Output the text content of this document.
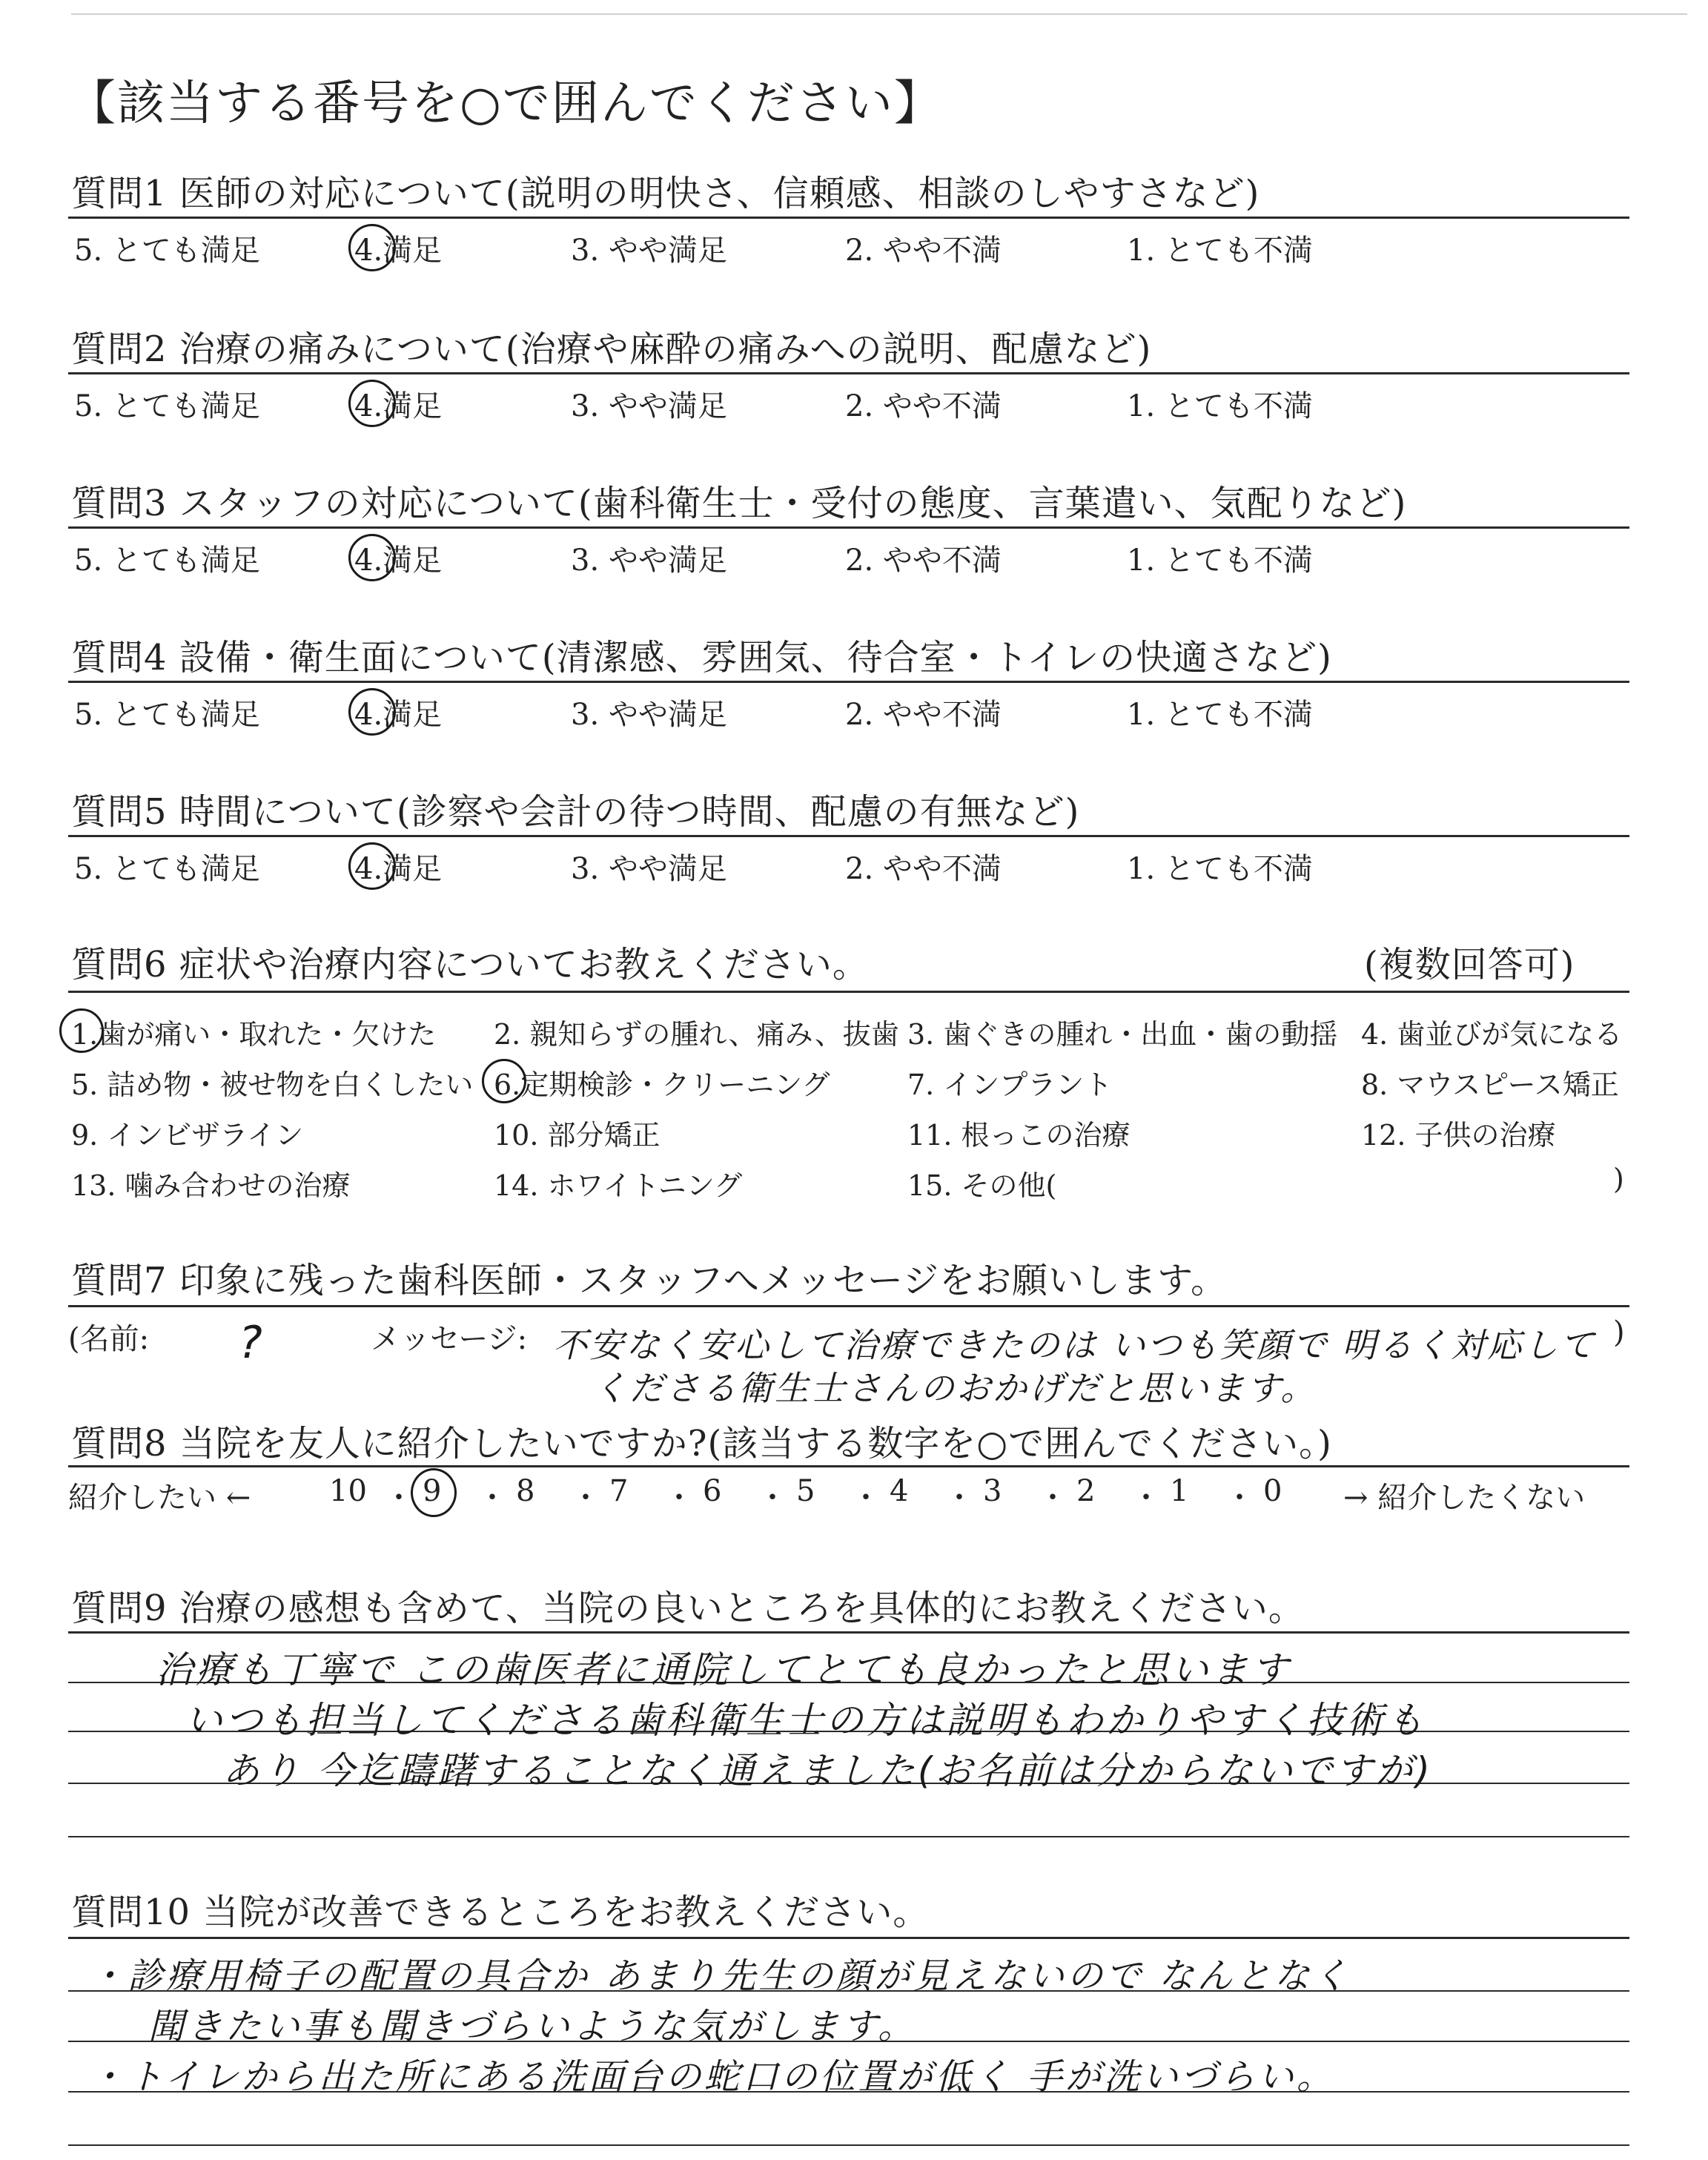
【該当する番号を○で囲んでください】
質問1 医師の対応について(説明の明快さ、信頼感、相談のしやすさなど)
5. とても満足	4.満足	3. やや満足	2. やや不満	1. とても不満
質問2 治療の痛みについて(治療や麻酔の痛みへの説明、配慮など)
5. とても満足	4.満足	3. やや満足	2. やや不満	1. とても不満
質問3 スタッフの対応について(歯科衛生士・受付の態度、言葉遣い、気配りなど)
5. とても満足	4.満足	3. やや満足	2. やや不満	1. とても不満
質問4 設備・衛生面について(清潔感、雰囲気、待合室・トイレの快適さなど)
5. とても満足	4.満足	3. やや満足	2. やや不満	1. とても不満
質問5 時間について(診察や会計の待つ時間、配慮の有無など)
5. とても満足	4.満足	3. やや満足	2. やや不満	1. とても不満
質問6 症状や治療内容についてお教えください。	(複数回答可)
1.歯が痛い・取れた・欠けた 2. 親知らずの腫れ、痛み、抜歯 3. 歯ぐきの腫れ・出血・歯の動揺 4. 歯並びが気になる
5. 詰め物・被せ物を白くしたい 6.定期検診・クリーニング	7. インプラント	8. マウスピース矯正
9. インビザライン	10. 部分矯正	11. 根っこの治療	12. 子供の治療
13. 噛み合わせの治療	14. ホワイトニング	15. その他(	)
質問7 印象に残った歯科医師・スタッフへメッセージをお願いします。
(名前: ?	メッセージ: 不安なく安心して治療できたのは いつも笑顔で 明るく対応して
くださる衛生士さんのおかげだと思います。
)
質問8 当院を友人に紹介したいですか?(該当する数字を○で囲んでください。)
紹介したい ←	10 ・ 9 ・ 8 ・ 7 ・ 6 ・ 5 ・ 4 ・ 3 ・ 2 ・ 1 ・ 0 → 紹介したくない
質問9 治療の感想も含めて、当院の良いところを具体的にお教えください。
治療も丁寧で この歯医者に通院してとても良かったと思います
いつも担当してくださる歯科衛生士の方は説明もわかりやすく技術も
あり 今迄躊躇することなく通えました(お名前は分からないですが)
質問10 当院が改善できるところをお教えください。
・診療用椅子の配置の具合か あまり先生の顔が見えないので なんとなく
聞きたい事も聞きづらいような気がします。
・トイレから出た所にある洗面台の蛇口の位置が低く 手が洗いづらい。
